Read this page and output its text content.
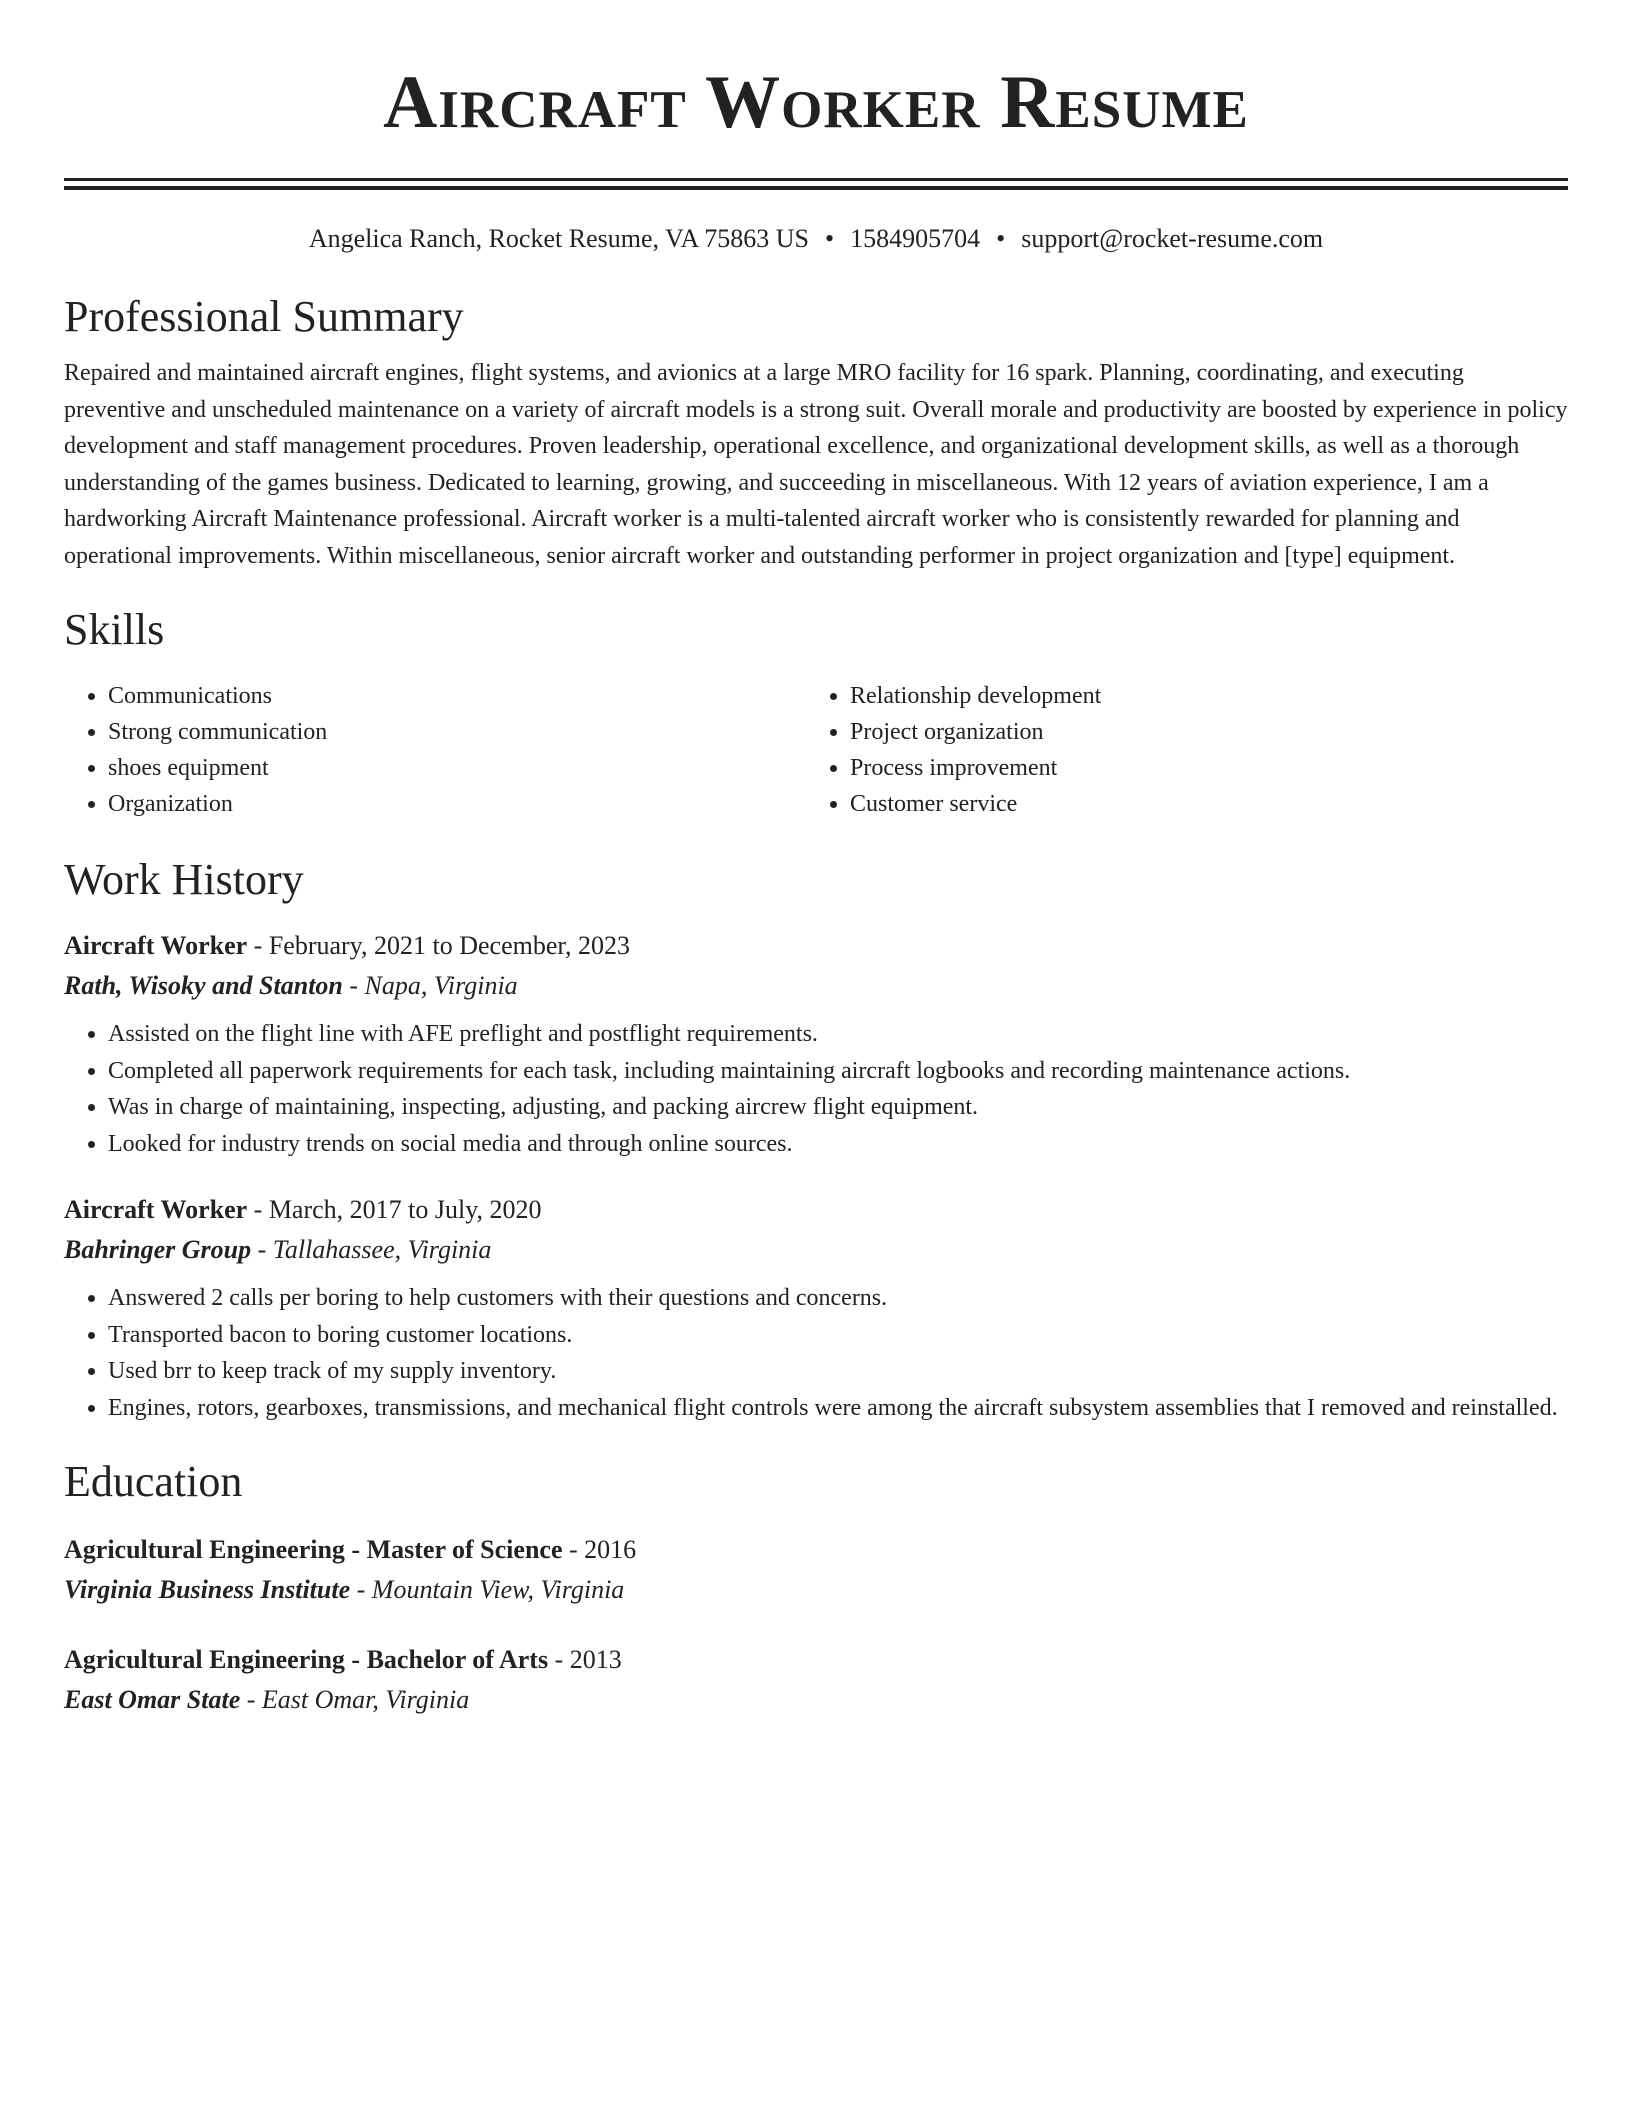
Aircraft Worker Resume
Angelica Ranch, Rocket Resume, VA 75863 US • 1584905704 • support@rocket-resume.com
Professional Summary
Repaired and maintained aircraft engines, flight systems, and avionics at a large MRO facility for 16 spark. Planning, coordinating, and executing preventive and unscheduled maintenance on a variety of aircraft models is a strong suit. Overall morale and productivity are boosted by experience in policy development and staff management procedures. Proven leadership, operational excellence, and organizational development skills, as well as a thorough understanding of the games business. Dedicated to learning, growing, and succeeding in miscellaneous. With 12 years of aviation experience, I am a hardworking Aircraft Maintenance professional. Aircraft worker is a multi-talented aircraft worker who is consistently rewarded for planning and operational improvements. Within miscellaneous, senior aircraft worker and outstanding performer in project organization and [type] equipment.
Skills
• Communications
• Strong communication
• shoes equipment
• Organization
• Relationship development
• Project organization
• Process improvement
• Customer service
Work History
Aircraft Worker - February, 2021 to December, 2023
Rath, Wisoky and Stanton - Napa, Virginia
• Assisted on the flight line with AFE preflight and postflight requirements.
• Completed all paperwork requirements for each task, including maintaining aircraft logbooks and recording maintenance actions.
• Was in charge of maintaining, inspecting, adjusting, and packing aircrew flight equipment.
• Looked for industry trends on social media and through online sources.
Aircraft Worker - March, 2017 to July, 2020
Bahringer Group - Tallahassee, Virginia
• Answered 2 calls per boring to help customers with their questions and concerns.
• Transported bacon to boring customer locations.
• Used brr to keep track of my supply inventory.
• Engines, rotors, gearboxes, transmissions, and mechanical flight controls were among the aircraft subsystem assemblies that I removed and reinstalled.
Education
Agricultural Engineering - Master of Science - 2016
Virginia Business Institute - Mountain View, Virginia
Agricultural Engineering - Bachelor of Arts - 2013
East Omar State - East Omar, Virginia
